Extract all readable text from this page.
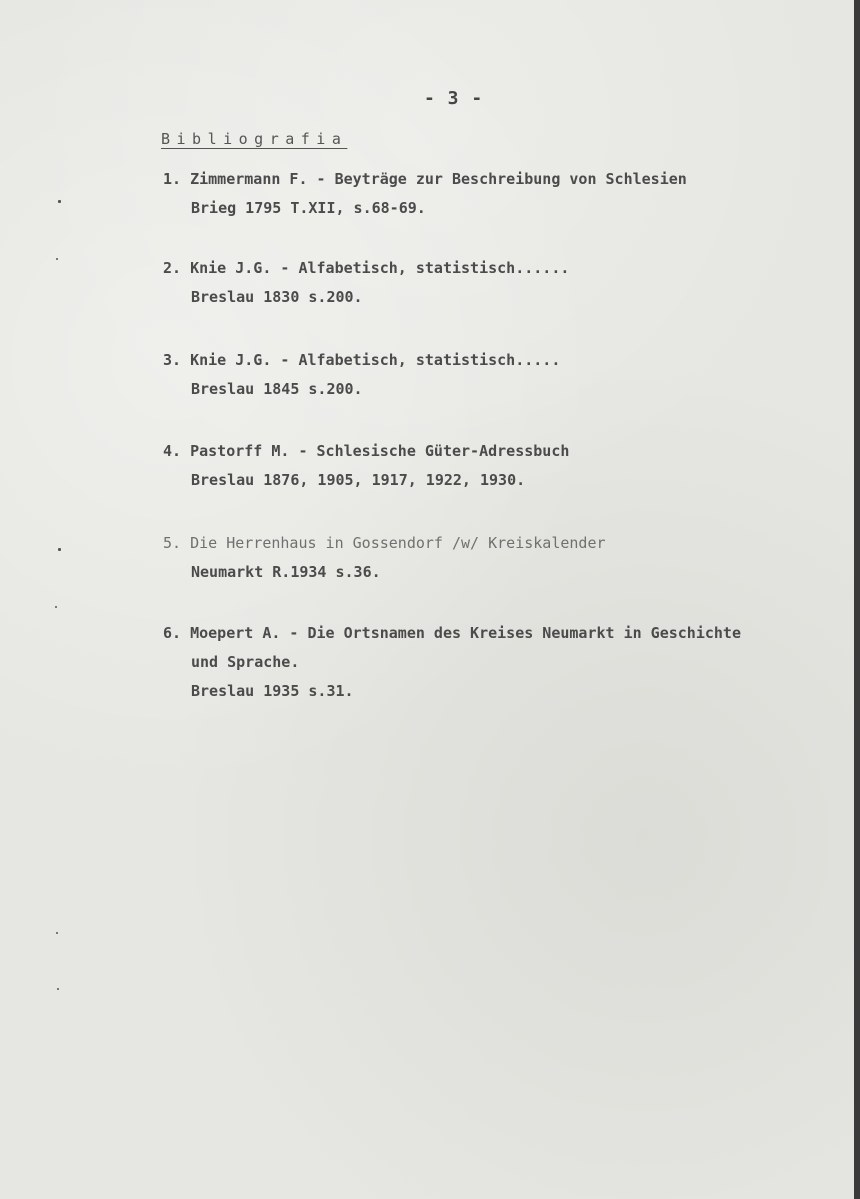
- 3 -
Bibliografia
1. Zimmermann F. - Beyträge zur Beschreibung von Schlesien
Brieg 1795 T.XII, s.68-69.
2. Knie J.G. - Alfabetisch, statistisch......
Breslau 1830 s.200.
3. Knie J.G. - Alfabetisch, statistisch.....
Breslau 1845 s.200.
4. Pastorff M. - Schlesische Güter-Adressbuch
Breslau 1876, 1905, 1917, 1922, 1930.
5. Die Herrenhaus in Gossendorf /w/ Kreiskalender
Neumarkt R.1934 s.36.
6. Moepert A. - Die Ortsnamen des Kreises Neumarkt in Geschichte
und Sprache.
Breslau 1935 s.31.
